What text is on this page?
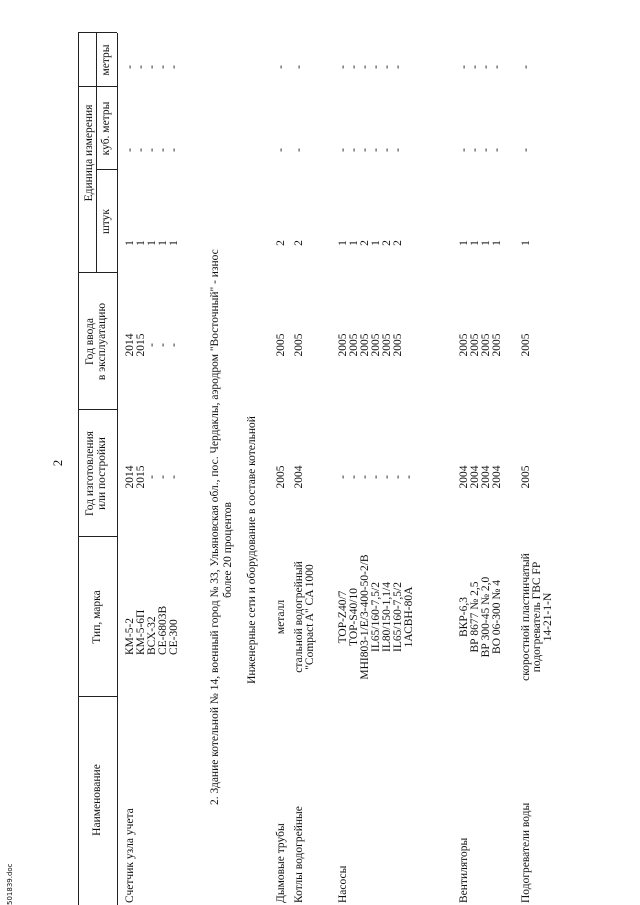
2
501839.doc
Наименование
Тип, марка
Год изготовления или постройки
Год ввода в эксплуатацию
Единица измерения
штук
куб. метры
метры
Счетчик узла учета
КМ-5-2 КМ-5-6П ВСХ-32 СЕ-6803В СЕ-300
2014 2015 - - -
2014 2015 - - -
1 1 1 1 1
- - - - -
- - - - -
2. Здание котельной № 14, военный город № 33, Ульяновская обл., пос. Чердаклы, аэродром "Восточный" - износ более 20 процентов Инженерные сети и оборудование в составе котельной
Дымовые трубы
металл
2005
2005
2
-
-
Котлы водогрейные
стальной водогрейный "Compact A" CA 1000
2004
2005
2
-
-
Насосы
TOP-Z40/7 TOP-S40/10 MHI803-1/E/3-400-50-2/B IL65/160-7,5/2 IL80/150-1,1/4 IL65/160-7,5/2 1АСВН-80А
- - - - - - -
2005 2005 2005 2005 2005 2005
1 1 2 1 2 2
- - - - - -
- - - - - -
Вентиляторы
ВКР-6,3 ВР 8677 № 2,5 ВР 300-45 № 2,0 ВО 06-300 № 4
2004 2004 2004 2004
2005 2005 2005 2005
1 1 1 1
- - - -
- - - -
Подогреватели воды
скоростной пластинчатый подогреватель ГВС FP 14-21-1-N
2005
2005
1
-
-
